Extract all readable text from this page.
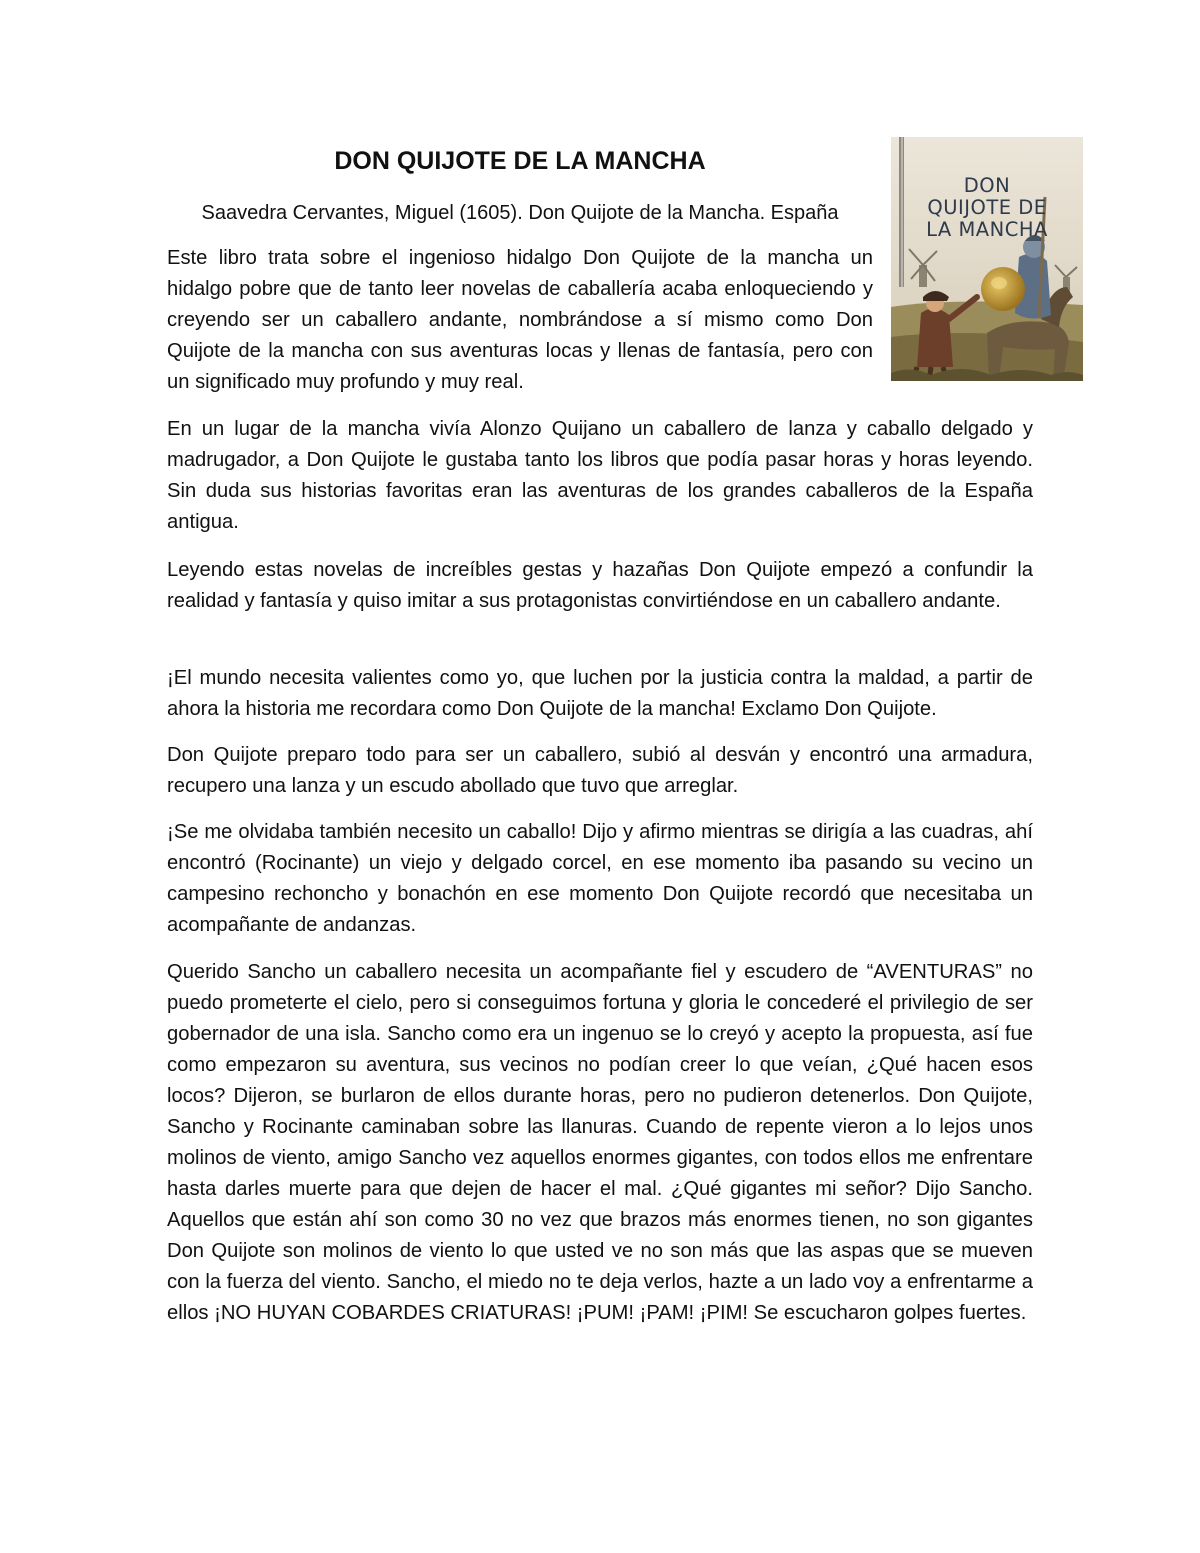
DON QUIJOTE DE LA MANCHA

Saavedra Cervantes, Miguel (1605). Don Quijote de la Mancha. España

Este libro trata sobre el ingenioso hidalgo Don Quijote de la mancha un hidalgo pobre que de tanto leer novelas de caballería acaba enloqueciendo y creyendo ser un caballero andante, nombrándose a sí mismo como Don Quijote de la mancha con sus aventuras locas y llenas de fantasía, pero con un significado muy profundo y muy real.

DON
QUIJOTE DE
LA MANCHA

En un lugar de la mancha vivía Alonzo Quijano un caballero de lanza y caballo delgado y madrugador, a Don Quijote le gustaba tanto los libros que podía pasar horas y horas leyendo. Sin duda sus historias favoritas eran las aventuras de los grandes caballeros de la España antigua.

Leyendo estas novelas de increíbles gestas y hazañas Don Quijote empezó a confundir la realidad y fantasía y quiso imitar a sus protagonistas convirtiéndose en un caballero andante.

¡El mundo necesita valientes como yo, que luchen por la justicia contra la maldad, a partir de ahora la historia me recordara como Don Quijote de la mancha! Exclamo Don Quijote.

Don Quijote preparo todo para ser un caballero, subió al desván y encontró una armadura, recupero una lanza y un escudo abollado que tuvo que arreglar.

¡Se me olvidaba también necesito un caballo! Dijo y afirmo mientras se dirigía a las cuadras, ahí encontró (Rocinante) un viejo y delgado corcel, en ese momento iba pasando su vecino un campesino rechoncho y bonachón en ese momento Don Quijote recordó que necesitaba un acompañante de andanzas.

Querido Sancho un caballero necesita un acompañante fiel y escudero de “AVENTURAS” no puedo prometerte el cielo, pero si conseguimos fortuna y gloria le concederé el privilegio de ser gobernador de una isla. Sancho como era un ingenuo se lo creyó y acepto la propuesta, así fue como empezaron su aventura, sus vecinos no podían creer lo que veían, ¿Qué hacen esos locos? Dijeron, se burlaron de ellos durante horas, pero no pudieron detenerlos. Don Quijote, Sancho y Rocinante caminaban sobre las llanuras. Cuando de repente vieron a lo lejos unos molinos de viento, amigo Sancho vez aquellos enormes gigantes, con todos ellos me enfrentare hasta darles muerte para que dejen de hacer el mal. ¿Qué gigantes mi señor? Dijo Sancho. Aquellos que están ahí son como 30 no vez que brazos más enormes tienen, no son gigantes Don Quijote son molinos de viento lo que usted ve no son más que las aspas que se mueven con la fuerza del viento. Sancho, el miedo no te deja verlos, hazte a un lado voy a enfrentarme a ellos ¡NO HUYAN COBARDES CRIATURAS! ¡PUM! ¡PAM! ¡PIM! Se escucharon golpes fuertes.
